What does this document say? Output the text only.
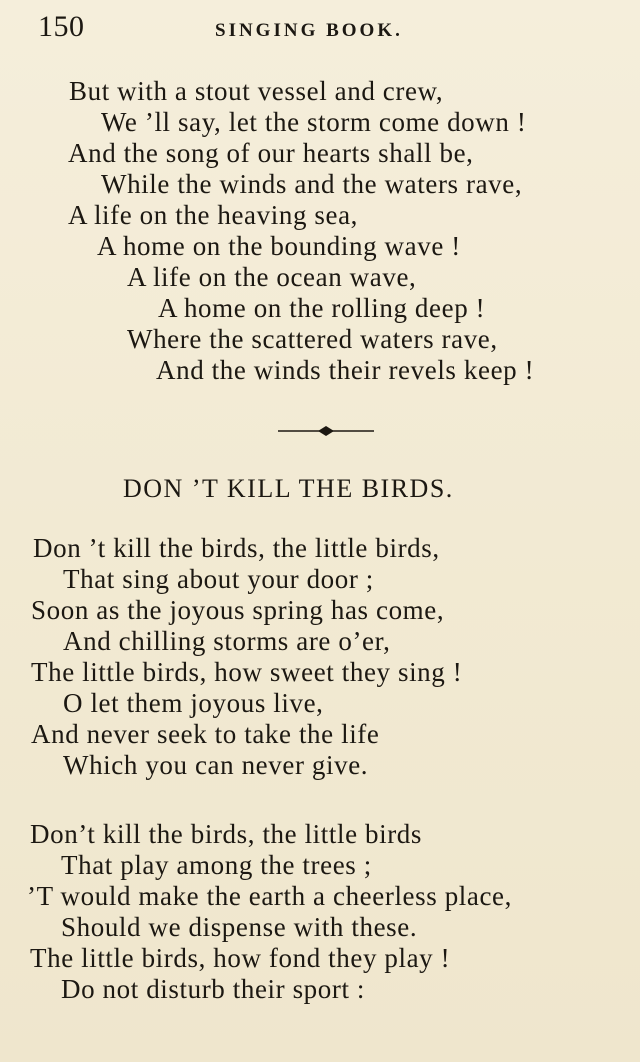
150	SINGING BOOK.
But with a stout vessel and crew,
We ’ll say, let the storm come down !
And the song of our hearts shall be,
While the winds and the waters rave,
A life on the heaving sea,
A home on the bounding wave !
A life on the ocean wave,
A home on the rolling deep !
Where the scattered waters rave,
And the winds their revels keep !
DON ’T KILL THE BIRDS.
Don ’t kill the birds, the little birds,
That sing about your door ;
Soon as the joyous spring has come,
And chilling storms are o’er,
The little birds, how sweet they sing !
O let them joyous live,
And never seek to take the life
Which you can never give.
Don’t kill the birds, the little birds
That play among the trees ;
’T would make the earth a cheerless place,
Should we dispense with these.
The little birds, how fond they play !
Do not disturb their sport :
